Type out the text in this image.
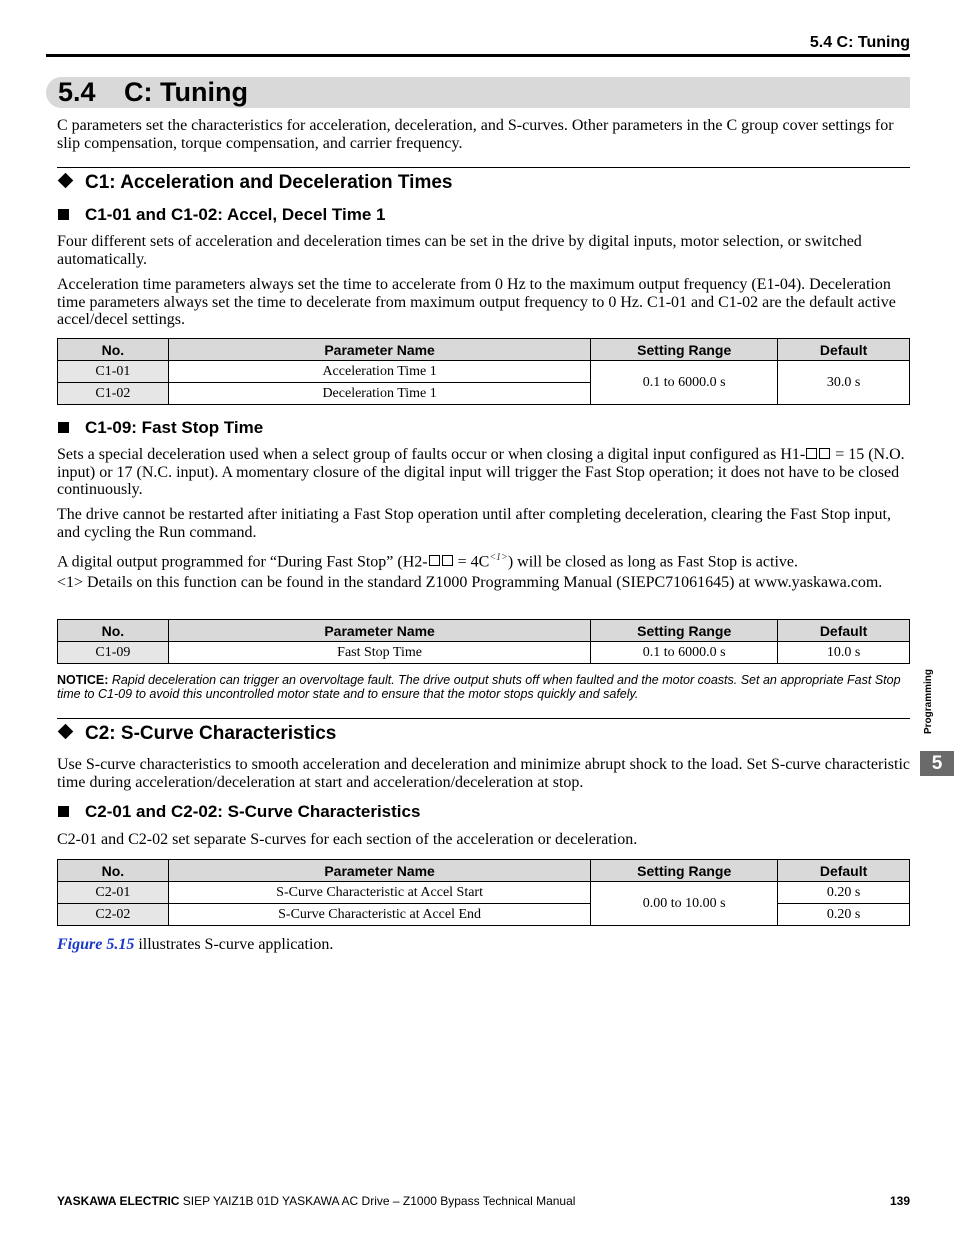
5.4 C: Tuning
5.4 C: Tuning
C parameters set the characteristics for acceleration, deceleration, and S-curves. Other parameters in the C group cover settings for slip compensation, torque compensation, and carrier frequency.
C1: Acceleration and Deceleration Times
C1-01 and C1-02: Accel, Decel Time 1
Four different sets of acceleration and deceleration times can be set in the drive by digital inputs, motor selection, or switched automatically.
Acceleration time parameters always set the time to accelerate from 0 Hz to the maximum output frequency (E1-04). Deceleration time parameters always set the time to decelerate from maximum output frequency to 0 Hz. C1-01 and C1-02 are the default active accel/decel settings.
No.	Parameter Name	Setting Range	Default
C1-01	Acceleration Time 1	0.1 to 6000.0 s	30.0 s
C1-02	Deceleration Time 1		
C1-09: Fast Stop Time
Sets a special deceleration used when a select group of faults occur or when closing a digital input configured as H1- = 15 (N.O. input) or 17 (N.C. input). A momentary closure of the digital input will trigger the Fast Stop operation; it does not have to be closed continuously.
The drive cannot be restarted after initiating a Fast Stop operation until after completing deceleration, clearing the Fast Stop input, and cycling the Run command.
A digital output programmed for “During Fast Stop” (H2- = 4C$^{<1>}$) will be closed as long as Fast Stop is active.
<1> Details on this function can be found in the standard Z1000 Programming Manual (SIEPC71061645) at www.yaskawa.com.
No.	Parameter Name	Setting Range	Default
C1-09	Fast Stop Time	0.1 to 6000.0 s	10.0 s
NOTICE: Rapid deceleration can trigger an overvoltage fault. The drive output shuts off when faulted and the motor coasts. Set an appropriate Fast Stop time to C1-09 to avoid this uncontrolled motor state and to ensure that the motor stops quickly and safely.
C2: S-Curve Characteristics
Use S-curve characteristics to smooth acceleration and deceleration and minimize abrupt shock to the load. Set S-curve characteristic time during acceleration/deceleration at start and acceleration/deceleration at stop.
C2-01 and C2-02: S-Curve Characteristics
C2-01 and C2-02 set separate S-curves for each section of the acceleration or deceleration.
No.	Parameter Name	Setting Range	Default
C2-01	S-Curve Characteristic at Accel Start	0.00 to 10.00 s	0.20 s
C2-02	S-Curve Characteristic at Accel End		0.20 s
Figure 5.15 illustrates S-curve application.
Programming
5
YASKAWA ELECTRIC SIEP YAIZ1B 01D YASKAWA AC Drive – Z1000 Bypass Technical Manual	139
